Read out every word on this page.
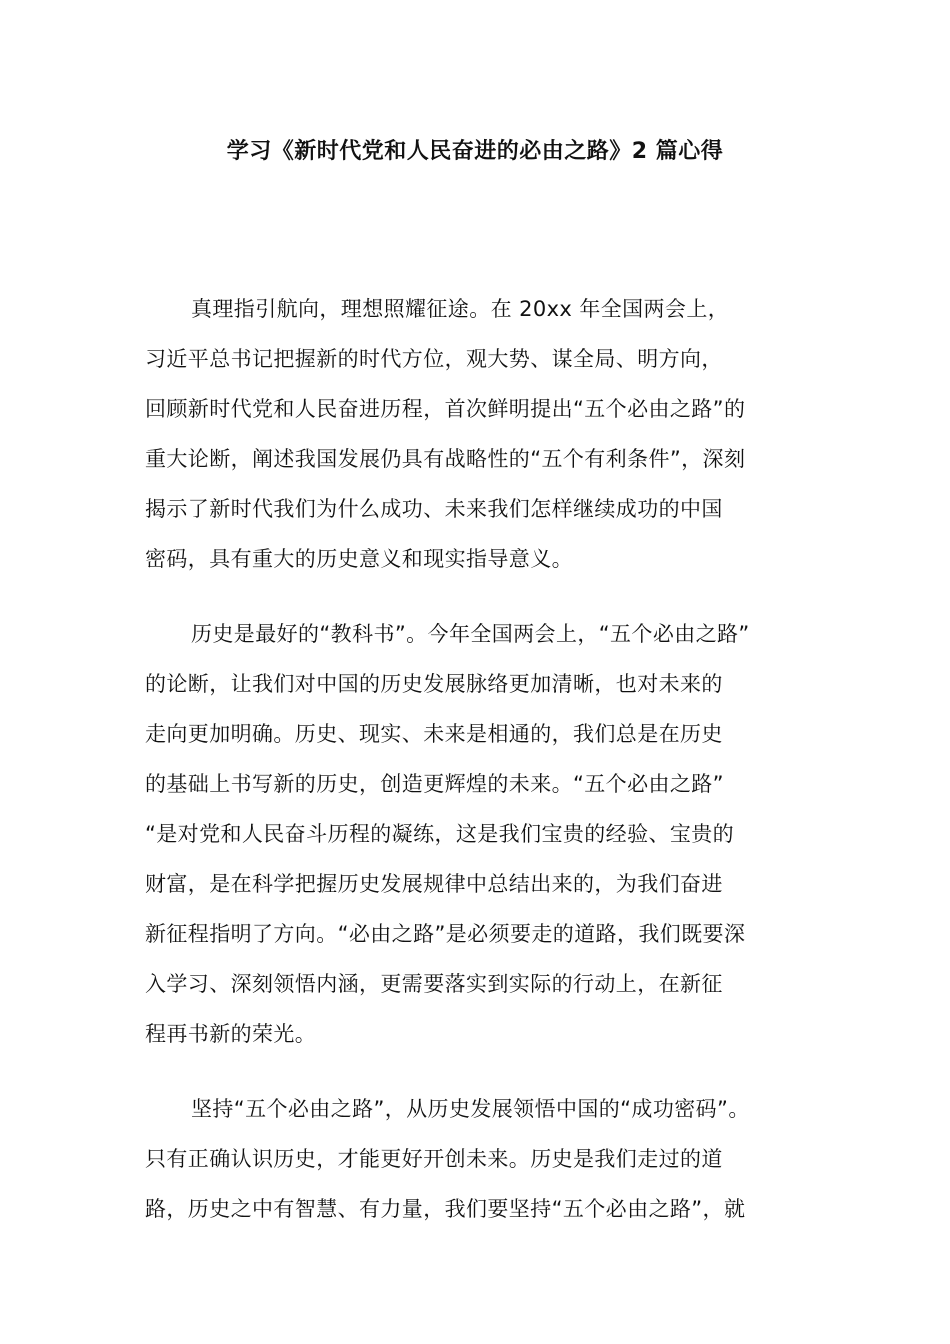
学习《新时代党和人民奋进的必由之路》2 篇心得

真理指引航向，理想照耀征途。在 20xx 年全国两会上，
习近平总书记把握新的时代方位，观大势、谋全局、明方向，
回顾新时代党和人民奋进历程，首次鲜明提出“五个必由之路”的
重大论断，阐述我国发展仍具有战略性的“五个有利条件”，深刻
揭示了新时代我们为什么成功、未来我们怎样继续成功的中国
密码，具有重大的历史意义和现实指导意义。

历史是最好的“教科书”。今年全国两会上，“五个必由之路”
的论断，让我们对中国的历史发展脉络更加清晰，也对未来的
走向更加明确。历史、现实、未来是相通的，我们总是在历史
的基础上书写新的历史，创造更辉煌的未来。“五个必由之路”
“是对党和人民奋斗历程的凝练，这是我们宝贵的经验、宝贵的
财富，是在科学把握历史发展规律中总结出来的，为我们奋进
新征程指明了方向。“必由之路”是必须要走的道路，我们既要深
入学习、深刻领悟内涵，更需要落实到实际的行动上，在新征
程再书新的荣光。

坚持“五个必由之路”，从历史发展领悟中国的“成功密码”。
只有正确认识历史，才能更好开创未来。历史是我们走过的道
路，历史之中有智慧、有力量，我们要坚持“五个必由之路”，就
